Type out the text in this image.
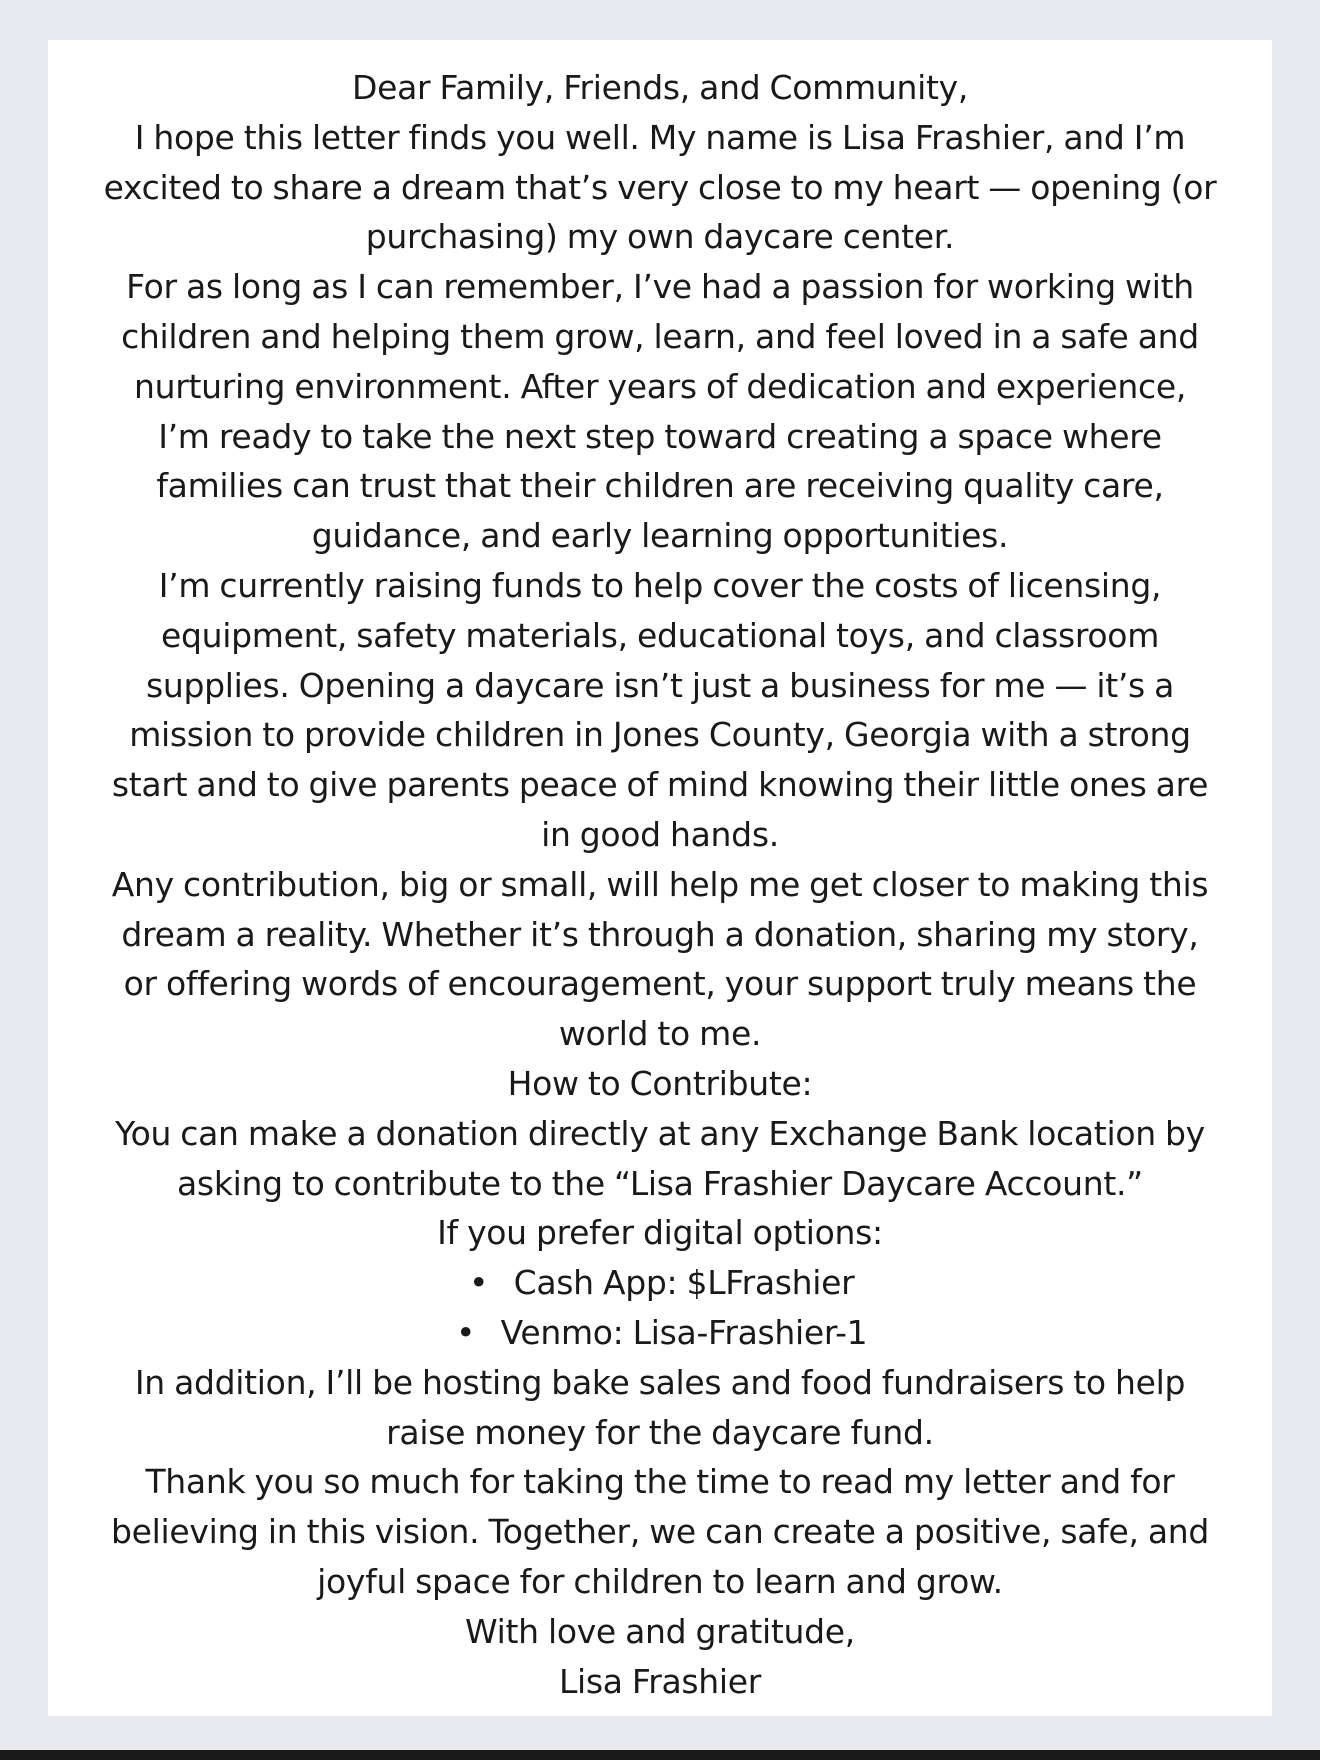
Dear Family, Friends, and Community,
I hope this letter finds you well. My name is Lisa Frashier, and I’m
excited to share a dream that’s very close to my heart — opening (or
purchasing) my own daycare center.
For as long as I can remember, I’ve had a passion for working with
children and helping them grow, learn, and feel loved in a safe and
nurturing environment. After years of dedication and experience,
I’m ready to take the next step toward creating a space where
families can trust that their children are receiving quality care,
guidance, and early learning opportunities.
I’m currently raising funds to help cover the costs of licensing,
equipment, safety materials, educational toys, and classroom
supplies. Opening a daycare isn’t just a business for me — it’s a
mission to provide children in Jones County, Georgia with a strong
start and to give parents peace of mind knowing their little ones are
in good hands.
Any contribution, big or small, will help me get closer to making this
dream a reality. Whether it’s through a donation, sharing my story,
or offering words of encouragement, your support truly means the
world to me.
How to Contribute:
You can make a donation directly at any Exchange Bank location by
asking to contribute to the “Lisa Frashier Daycare Account.”
If you prefer digital options:
• Cash App: $LFrashier
• Venmo: Lisa-Frashier-1
In addition, I’ll be hosting bake sales and food fundraisers to help
raise money for the daycare fund.
Thank you so much for taking the time to read my letter and for
believing in this vision. Together, we can create a positive, safe, and
joyful space for children to learn and grow.
With love and gratitude,
Lisa Frashier
